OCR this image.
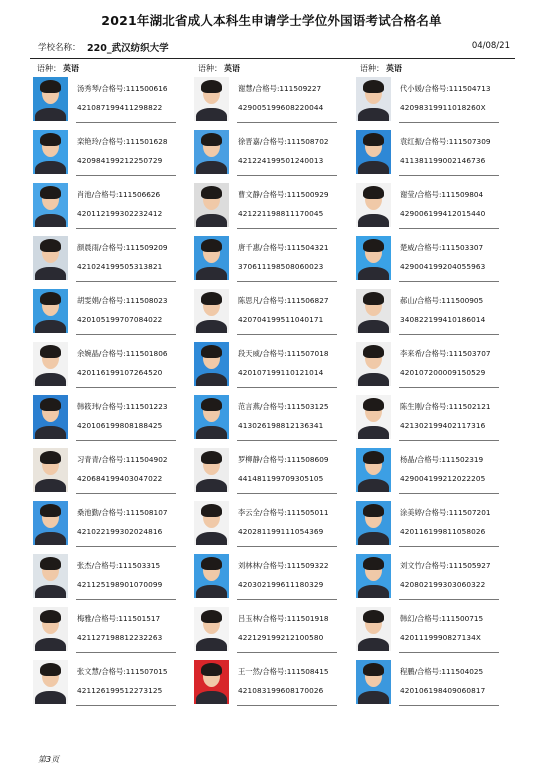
2021年湖北省成人本科生申请学士学位外国语考试合格名单
学校名称： 220_武汉纺织大学	04/08/21
语种： 英语
汤秀琴/合格号:111500616
421087199411298822
栾艳玲/合格号:111501628
420984199212250729
肖池/合格号:111506626
420112199302232412
颜晨雨/合格号:111509209
421024199505313821
胡雯娟/合格号:111508023
420105199707084022
余婉晶/合格号:111501806
420116199107264520
韩筱玮/合格号:111501223
420106199808188425
习青青/合格号:111504902
420684199403047022
桑池勤/合格号:111508107
421022199302024816
张杰/合格号:111503315
421125198901070099
梅雅/合格号:111501517
421127198812232263
张文慧/合格号:111507015
421126199512273125
语种： 英语
谢慧/合格号:111509227
429005199608220044
徐晋嘉/合格号:111508702
421224199501240013
曹文静/合格号:111500929
421221198811170045
唐千惠/合格号:111504321
370611198508060023
陈思凡/合格号:111506827
420704199511040171
段天威/合格号:111507018
420107199110121014
范言燕/合格号:111503125
413026198812136341
罗柳静/合格号:111508609
441481199709305105
李云全/合格号:111505011
420281199111054369
刘林林/合格号:111509322
420302199611180329
吕玉林/合格号:111501918
422129199212100580
王一然/合格号:111508415
421083199608170026
语种： 英语
代小媛/合格号:111504713
42098319911018260X
袁红振/合格号:111507309
411381199002146736
谢莹/合格号:111509804
429006199412015440
楚威/合格号:111503307
429004199204055963
郝山/合格号:111500905
340822199410186014
李来希/合格号:111503707
420107200009150529
陈生刚/合格号:111502121
421302199402117316
杨晶/合格号:111502319
429004199212022205
涂美婷/合格号:111507201
420116199811058026
刘文竹/合格号:111505927
420802199303060322
韩幻/合格号:111500715
42011199908271​34X
程鹏/合格号:111504025
420106198409060817
第3页
